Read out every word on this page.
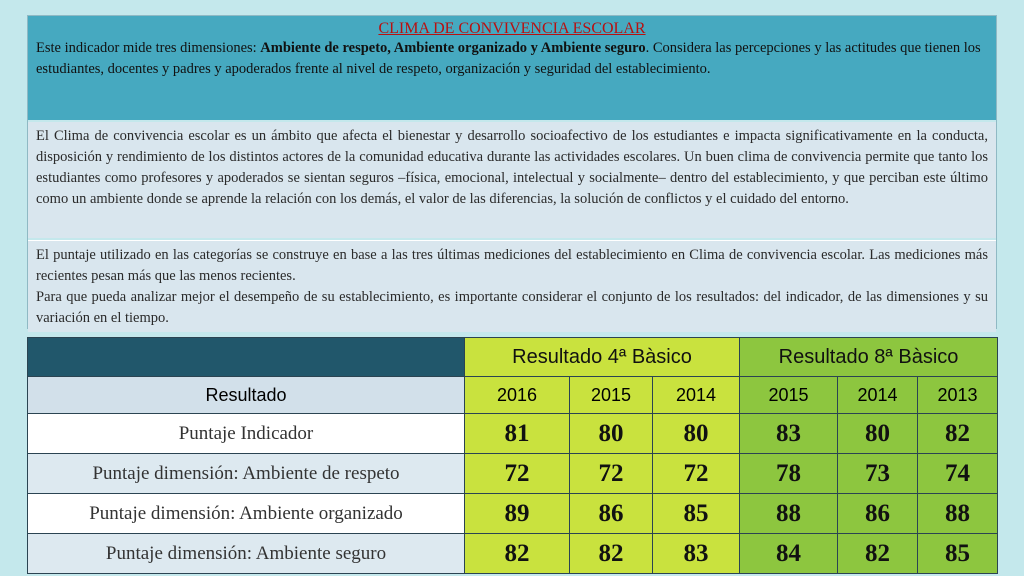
CLIMA DE CONVIVENCIA ESCOLAR
Este indicador mide tres dimensiones: Ambiente de respeto, Ambiente organizado y Ambiente seguro. Considera las percepciones y las actitudes que tienen los estudiantes, docentes y padres y apoderados frente al nivel de respeto, organización y seguridad del establecimiento.
El Clima de convivencia escolar es un ámbito que afecta el bienestar y desarrollo socioafectivo de los estudiantes e impacta significativamente en la conducta, disposición y rendimiento de los distintos actores de la comunidad educativa durante las actividades escolares. Un buen clima de convivencia permite que tanto los estudiantes como profesores y apoderados se sientan seguros –física, emocional, intelectual y socialmente– dentro del establecimiento, y que perciban este último como un ambiente donde se aprende la relación con los demás, el valor de las diferencias, la solución de conflictos y el cuidado del entorno.
El puntaje utilizado en las categorías se construye en base a las tres últimas mediciones del establecimiento en Clima de convivencia escolar. Las mediciones más recientes pesan más que las menos recientes.
Para que pueda analizar mejor el desempeño de su establecimiento, es importante considerar el conjunto de los resultados: del indicador, de las dimensiones y su variación en el tiempo.
	Resultado 4ª Bàsico			Resultado 8ª Bàsico		
Resultado	2016	2015	2014	2015	2014	2013
Puntaje Indicador	81	80	80	83	80	82
Puntaje dimensión: Ambiente de respeto	72	72	72	78	73	74
Puntaje dimensión: Ambiente organizado	89	86	85	88	86	88
Puntaje dimensión: Ambiente seguro	82	82	83	84	82	85
